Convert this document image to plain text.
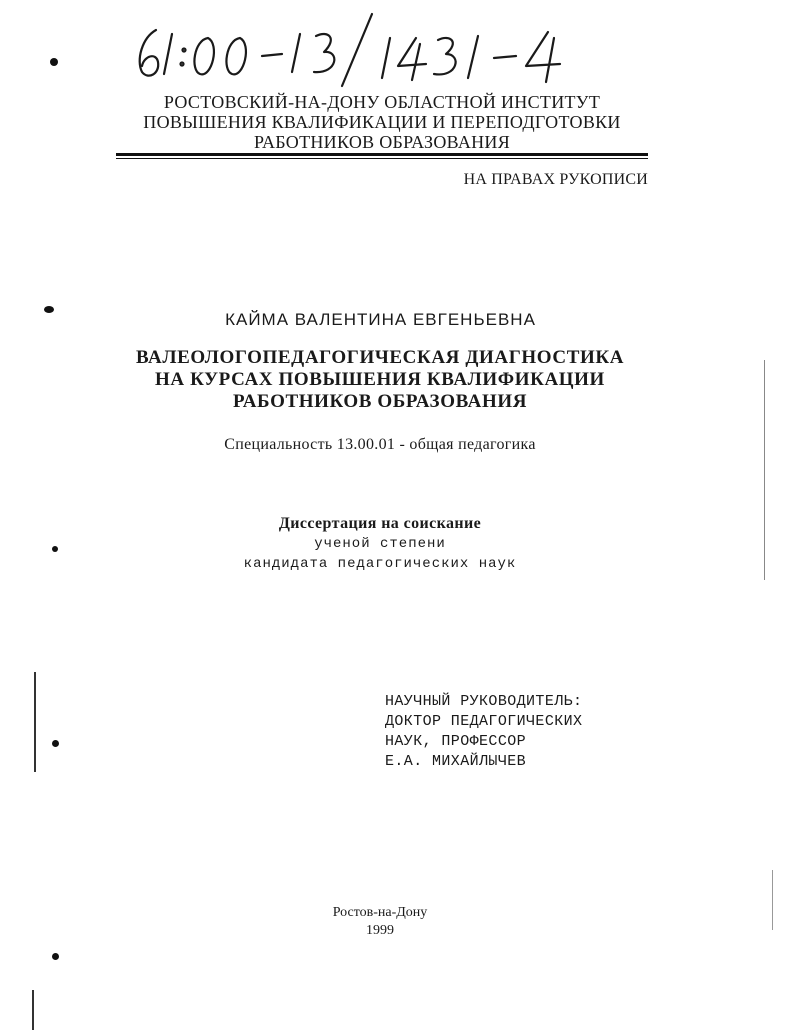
РОСТОВСКИЙ-НА-ДОНУ ОБЛАСТНОЙ ИНСТИТУТ
ПОВЫШЕНИЯ КВАЛИФИКАЦИИ И ПЕРЕПОДГОТОВКИ
РАБОТНИКОВ ОБРАЗОВАНИЯ
НА ПРАВАХ РУКОПИСИ
КАЙМА ВАЛЕНТИНА ЕВГЕНЬЕВНА
ВАЛЕОЛОГОПЕДАГОГИЧЕСКАЯ ДИАГНОСТИКА
НА КУРСАХ ПОВЫШЕНИЯ КВАЛИФИКАЦИИ
РАБОТНИКОВ ОБРАЗОВАНИЯ
Специальность 13.00.01 - общая педагогика
Диссертация на соискание
ученой степени
кандидата педагогических наук
НАУЧНЫЙ РУКОВОДИТЕЛЬ:
ДОКТОР ПЕДАГОГИЧЕСКИХ
НАУК, ПРОФЕССОР
Е.А. МИХАЙЛЫЧЕВ
Ростов-на-Дону
1999
